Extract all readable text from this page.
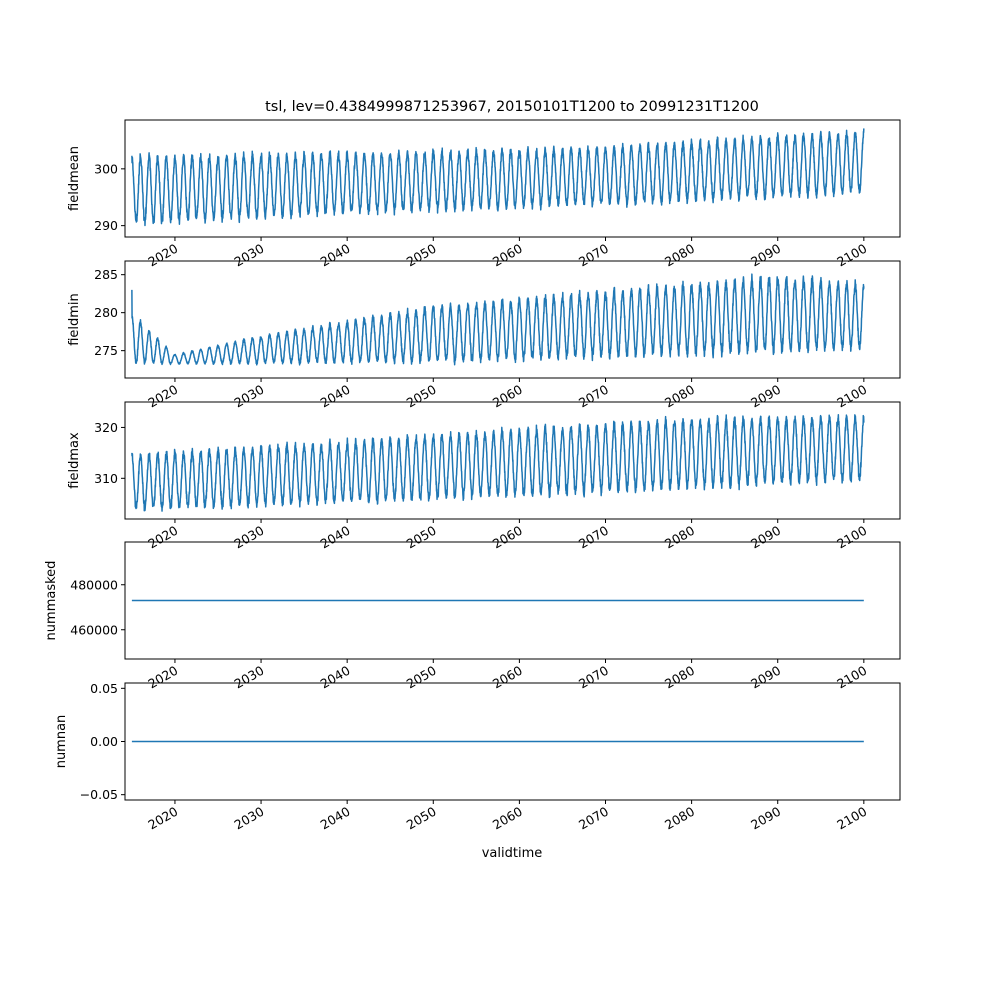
tsl, lev=0.4384999871253967, 20150101T1200 to 20991231T1200
2020	2030	2040	2050	2060	2070	2080	2090	2100
290
300
fieldmean
2020	2030	2040	2050	2060	2070	2080	2090	2100
275
280
285
fieldmin
2020	2030	2040	2050	2060	2070	2080	2090	2100
310
320
fieldmax
2020	2030	2040	2050	2060	2070	2080	2090	2100
460000
480000
nummasked
2020	2030	2040	2050	2060	2070	2080	2090	2100
−0.05
0.00
0.05
numnan
validtime
